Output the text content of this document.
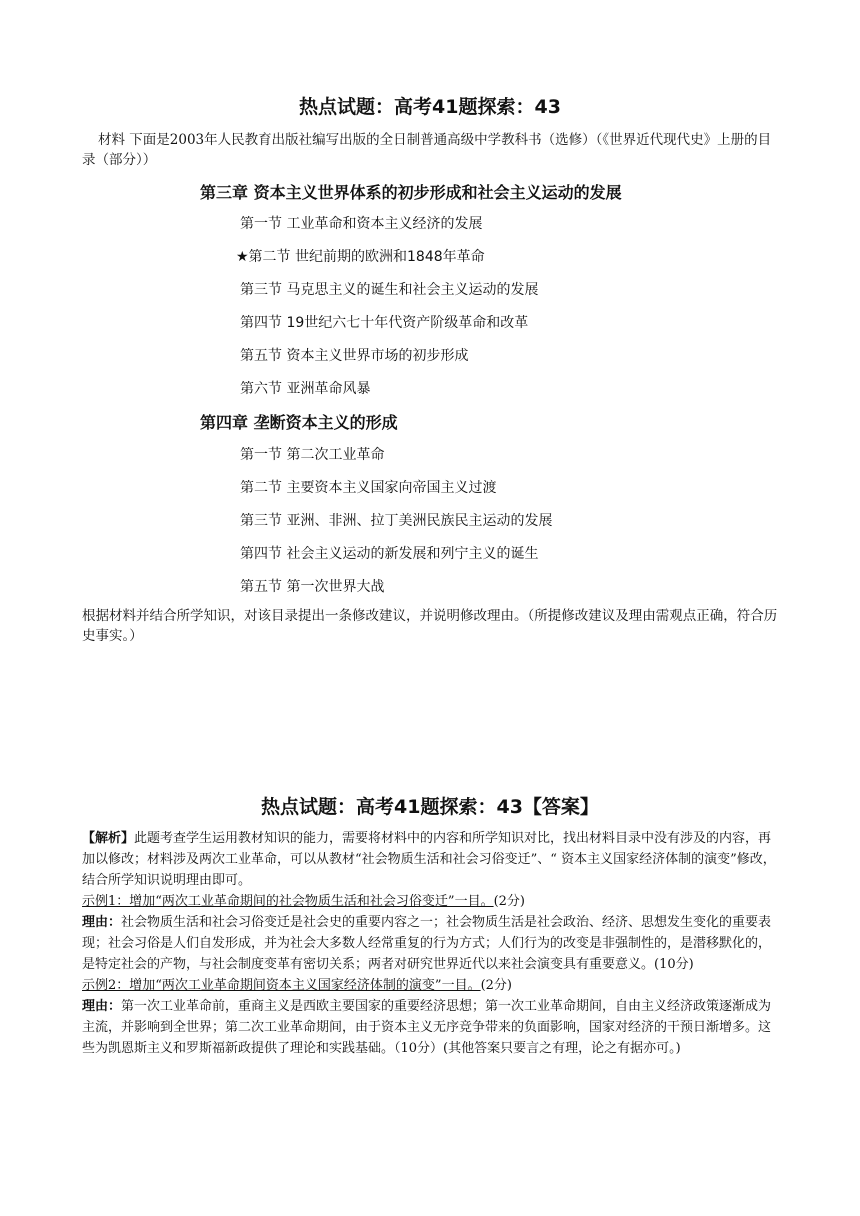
热点试题：高考41题探索：43
材料 下面是2003年人民教育出版社编写出版的全日制普通高级中学教科书（选修）（《世界近代现代史》上册的目录（部分））
第三章 资本主义世界体系的初步形成和社会主义运动的发展
第一节 工业革命和资本主义经济的发展
★第二节 世纪前期的欧洲和1848年革命
第三节 马克思主义的诞生和社会主义运动的发展
第四节 19世纪六七十年代资产阶级革命和改革
第五节 资本主义世界市场的初步形成
第六节 亚洲革命风暴
第四章 垄断资本主义的形成
第一节 第二次工业革命
第二节 主要资本主义国家向帝国主义过渡
第三节 亚洲、非洲、拉丁美洲民族民主运动的发展
第四节 社会主义运动的新发展和列宁主义的诞生
第五节 第一次世界大战
根据材料并结合所学知识，对该目录提出一条修改建议，并说明修改理由。（所提修改建议及理由需观点正确，符合历史事实。）
热点试题：高考41题探索：43【答案】

【解析】此题考查学生运用教材知识的能力，需要将材料中的内容和所学知识对比，找出材料目录中没有涉及的内容，再加以修改；材料涉及两次工业革命，可以从教材“社会物质生活和社会习俗变迁”、“ 资本主义国家经济体制的演变”修改，结合所学知识说明理由即可。

示例1：增加“两次工业革命期间的社会物质生活和社会习俗变迁”一目。(2分)

理由：社会物质生活和社会习俗变迁是社会史的重要内容之一；社会物质生活是社会政治、经济、思想发生变化的重要表现；社会习俗是人们自发形成，并为社会大多数人经常重复的行为方式；人们行为的改变是非强制性的，是潜移默化的，是特定社会的产物，与社会制度变革有密切关系；两者对研究世界近代以来社会演变具有重要意义。(10分)

示例2：增加“两次工业革命期间资本主义国家经济体制的演变”一目。(2分)

理由：第一次工业革命前，重商主义是西欧主要国家的重要经济思想；第一次工业革命期间，自由主义经济政策逐渐成为主流，并影响到全世界；第二次工业革命期间，由于资本主义无序竞争带来的负面影响，国家对经济的干预日渐增多。这些为凯恩斯主义和罗斯福新政提供了理论和实践基础。（10分）(其他答案只要言之有理，论之有据亦可。)
